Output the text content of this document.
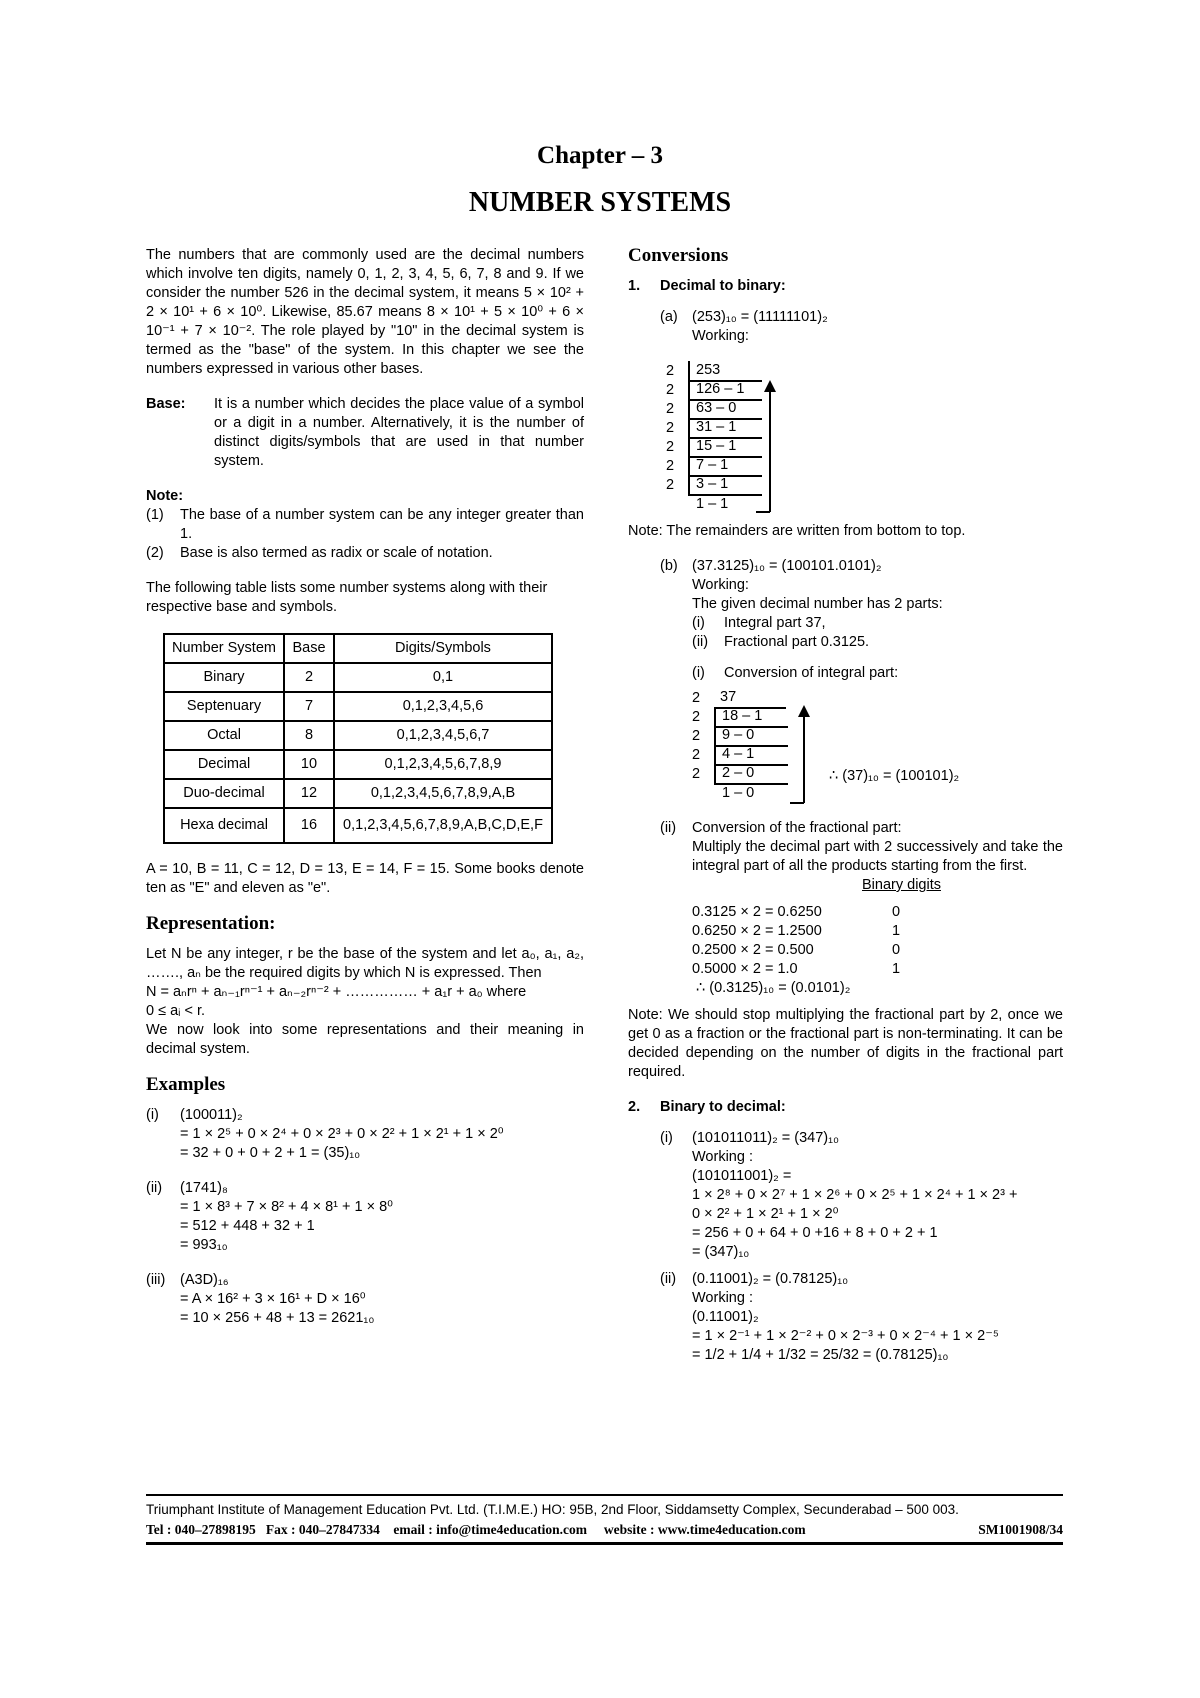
Chapter – 3
NUMBER SYSTEMS

The numbers that are commonly used are the decimal numbers which involve ten digits, namely 0, 1, 2, 3, 4, 5, 6, 7, 8 and 9. If we consider the number 526 in the decimal system, it means 5 × 10² + 2 × 10¹ + 6 × 10⁰. Likewise, 85.67 means 8 × 10¹ + 5 × 10⁰ + 6 × 10⁻¹ + 7 × 10⁻². The role played by "10" in the decimal system is termed as the "base" of the system. In this chapter we see the numbers expressed in various other bases.

Base:	It is a number which decides the place value of a symbol or a digit in a number. Alternatively, it is the number of distinct digits/symbols that are used in that number system.

Note:

(1)	The base of a number system can be any integer greater than 1.
(2)	Base is also termed as radix or scale of notation.

The following table lists some number systems along with their respective base and symbols.

Number System	Base	Digits/Symbols
Binary	2	0,1
Septenuary	7	0,1,2,3,4,5,6
Octal	8	0,1,2,3,4,5,6,7
Decimal	10	0,1,2,3,4,5,6,7,8,9
Duo-decimal	12	0,1,2,3,4,5,6,7,8,9,A,B
Hexa decimal	16	0,1,2,3,4,5,6,7,8,9,A,B,C,D,E,F

A = 10, B = 11, C = 12, D = 13, E = 14, F = 15. Some books denote ten as "E" and eleven as "e".

Representation:

Let N be any integer, r be the base of the system and let a₀, a₁, a₂, ……., aₙ be the required digits by which N is expressed. Then

N = aₙrⁿ + aₙ₋₁rⁿ⁻¹ + aₙ₋₂rⁿ⁻² + …………… + a₁r + a₀ where

0 ≤ aᵢ < r.

We now look into some representations and their meaning in decimal system.

Examples

(i)	(100011)₂

= 1 × 2⁵ + 0 × 2⁴ + 0 × 2³ + 0 × 2² + 1 × 2¹ + 1 × 2⁰

= 32 + 0 + 0 + 2 + 1 = (35)₁₀

(ii)	(1741)₈

= 1 × 8³ + 7 × 8² + 4 × 8¹ + 1 × 8⁰

= 512 + 448 + 32 + 1

= 993₁₀

(iii)	(A3D)₁₆

= A × 16² + 3 × 16¹ + D × 16⁰

= 10 × 256 + 48 + 13 = 2621₁₀

Conversions

1.	Decimal to binary:
(a) (253)₁₀ = (11111101)₂

Working:

2	253
2	126 – 1
2	63 – 0
2	31 – 1
2	15 – 1
2	7 – 1
2	3 – 1
1 – 1

Note: The remainders are written from bottom to top.

(b) (37.3125)₁₀ = (100101.0101)₂

Working:

The given decimal number has 2 parts:

(i)	Integral part 37,
(ii)	Fractional part 0.3125.
(i)	Conversion of integral part:
2	37
2	18 – 1
2	9 – 0
2	4 – 1
2	2 – 0
1 – 0
∴ (37)₁₀ = (100101)₂
(ii)	Conversion of the fractional part:

Multiply the decimal part with 2 successively and take the integral part of all the products starting from the first.

Binary digits

0.3125 × 2 = 0.6250	0
0.6250 × 2 = 1.2500	1
0.2500 × 2 = 0.500	0
0.5000 × 2 = 1.0	1

∴ (0.3125)₁₀ = (0.0101)₂

Note: We should stop multiplying the fractional part by 2, once we get 0 as a fraction or the fractional part is non-terminating. It can be decided depending on the number of digits in the fractional part required.

2.	Binary to decimal:
(i)	(101011011)₂ = (347)₁₀

Working :

(101011001)₂ =

1 × 2⁸ + 0 × 2⁷ + 1 × 2⁶ + 0 × 2⁵ + 1 × 2⁴ + 1 × 2³ +

0 × 2² + 1 × 2¹ + 1 × 2⁰

= 256 + 0 + 64 + 0 +16 + 8 + 0 + 2 + 1

= (347)₁₀

(ii)	(0.11001)₂ = (0.78125)₁₀

Working :

(0.11001)₂

= 1 × 2⁻¹ + 1 × 2⁻² + 0 × 2⁻³ + 0 × 2⁻⁴ + 1 × 2⁻⁵

= 1/2 + 1/4 + 1/32 = 25/32 = (0.78125)₁₀

Triumphant Institute of Management Education Pvt. Ltd. (T.I.M.E.) HO: 95B, 2nd Floor, Siddamsetty Complex, Secunderabad – 500 003.
Tel : 040–27898195 Fax : 040–27847334 email : info@time4education.com website : www.time4education.com	SM1001908/34
